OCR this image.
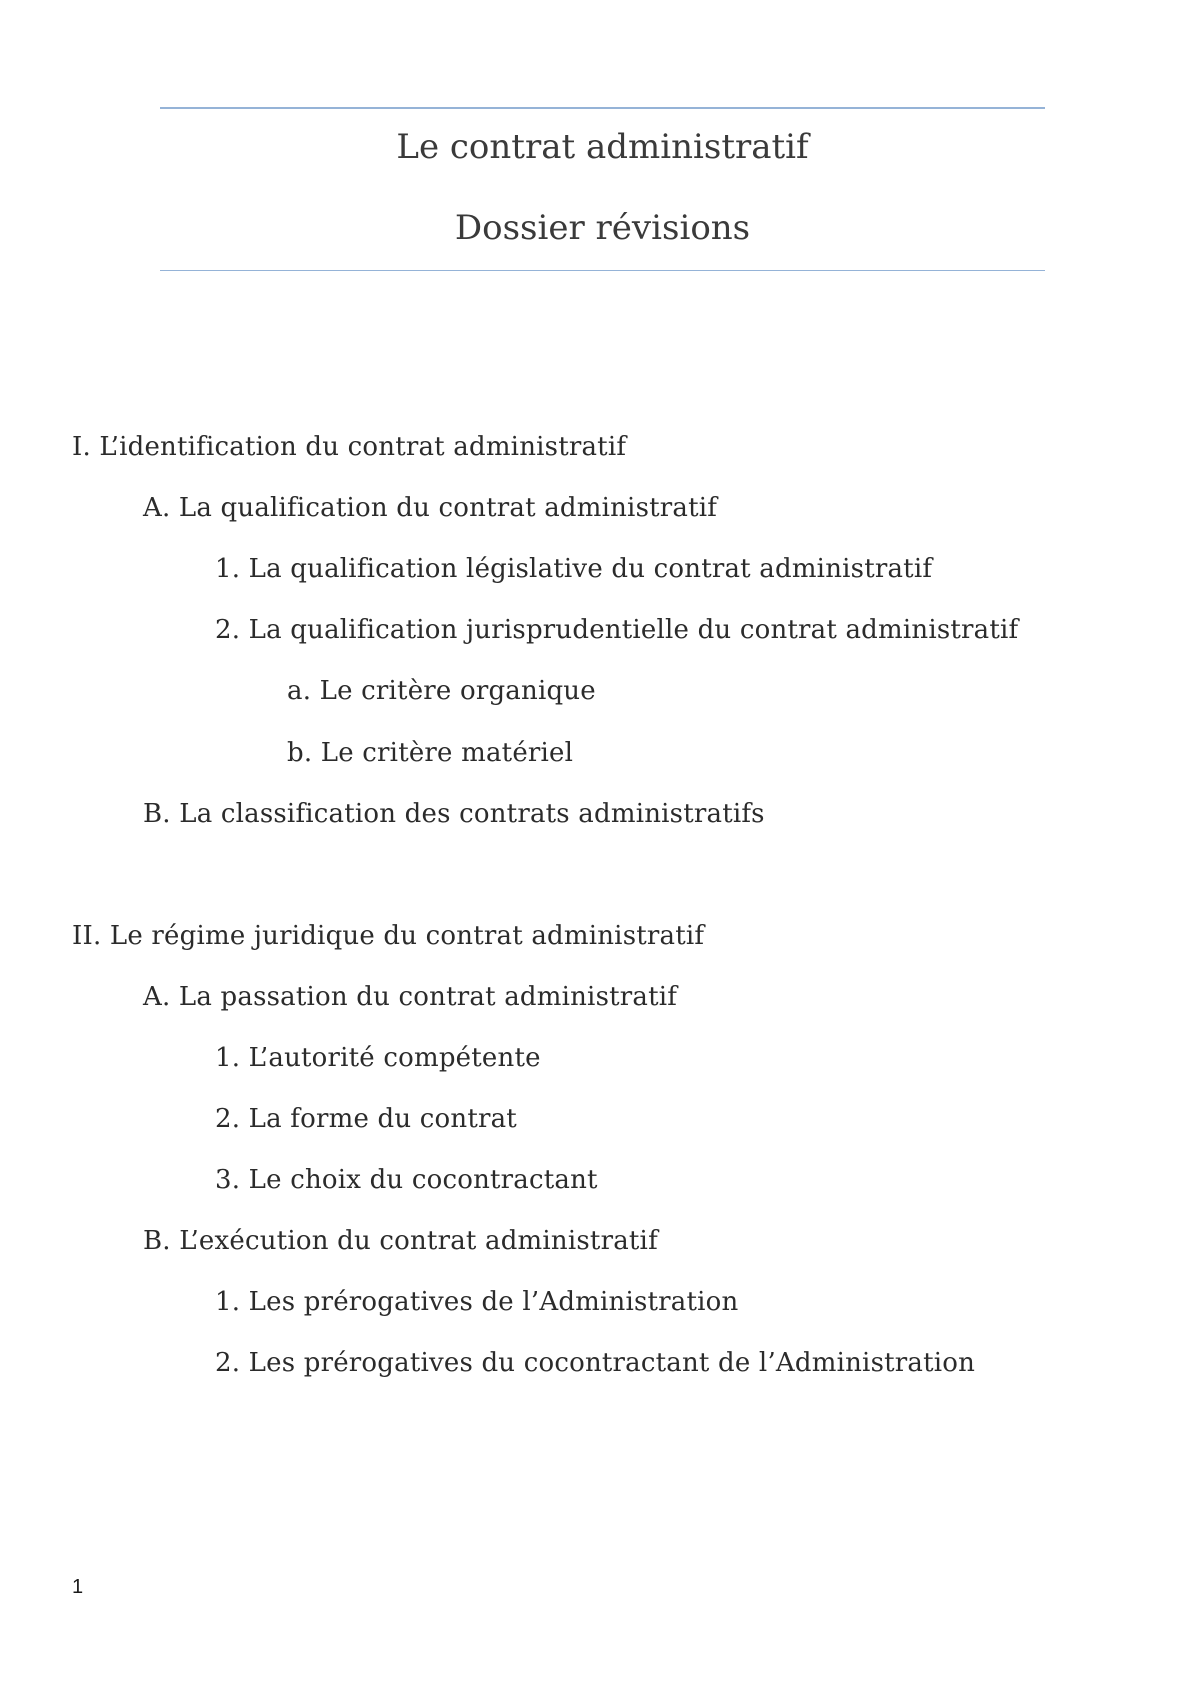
Le contrat administratif
Dossier révisions
I. L’identification du contrat administratif
A. La qualification du contrat administratif
1. La qualification législative du contrat administratif
2. La qualification jurisprudentielle du contrat administratif
a. Le critère organique
b. Le critère matériel
B. La classification des contrats administratifs
II. Le régime juridique du contrat administratif
A. La passation du contrat administratif
1. L’autorité compétente
2. La forme du contrat
3. Le choix du cocontractant
B. L’exécution du contrat administratif
1. Les prérogatives de l’Administration
2. Les prérogatives du cocontractant de l’Administration
1
